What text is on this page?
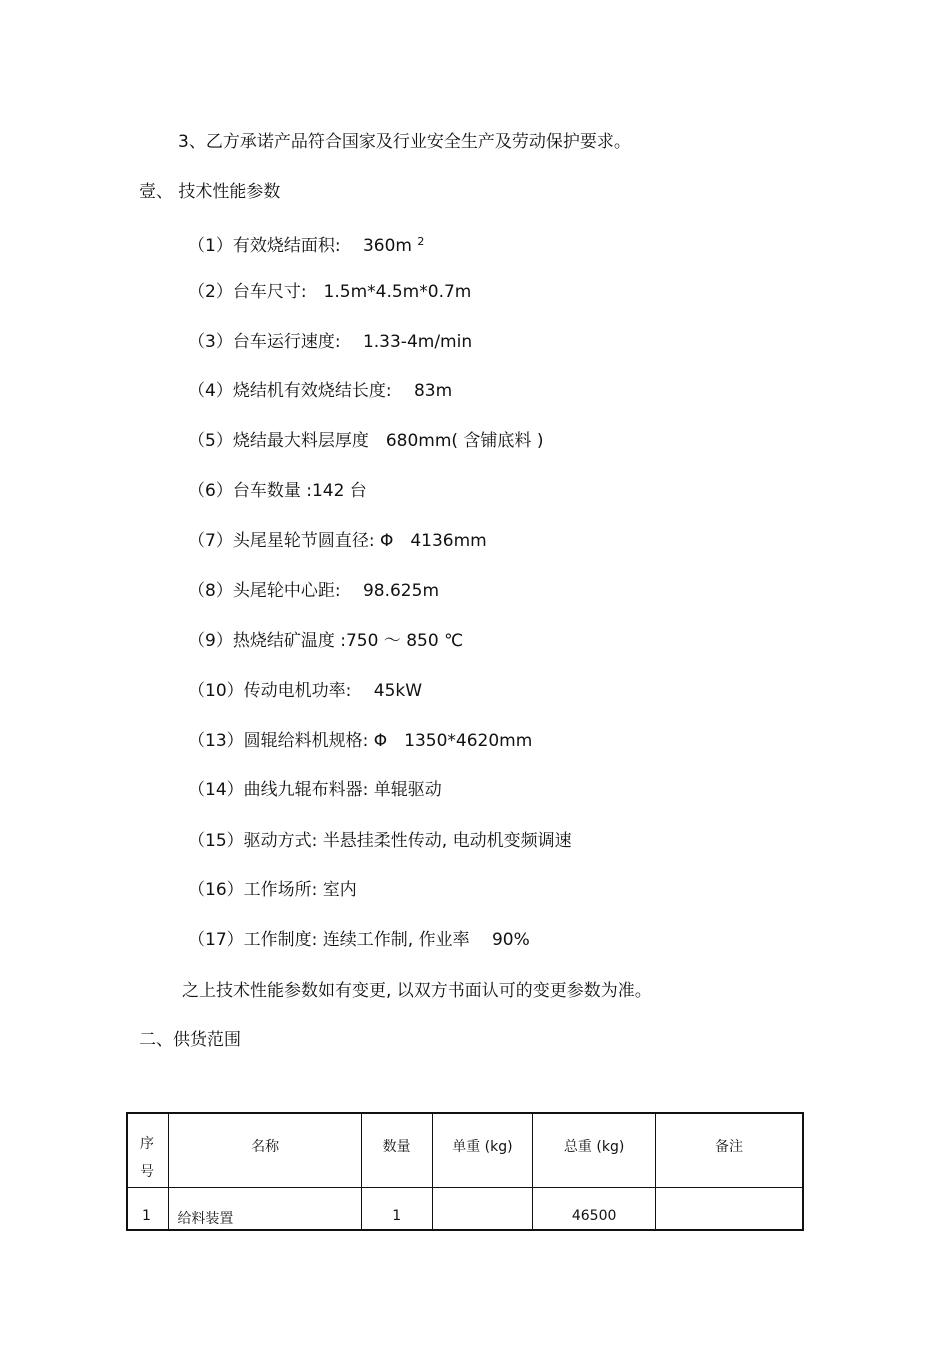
3、乙方承诺产品符合国家及行业安全生产及劳动保护要求。
壹、 技术性能参数
（1）有效烧结面积:　 360m $^2$
（2）台车尺寸:　1.5m*4.5m*0.7m
（3）台车运行速度:　 1.33-4m/min
（4）烧结机有效烧结长度:　 83m
（5）烧结最大料层厚度　680mm( 含铺底料 )
（6）台车数量 :142 台
（7）头尾星轮节圆直径: Φ　4136mm
（8）头尾轮中心距:　 98.625m
（9）热烧结矿温度 :750 ～ 850 ℃
（10）传动电机功率:　 45kW
（13）圆辊给料机规格: Φ　1350*4620mm
（14）曲线九辊布料器: 单辊驱动
（15）驱动方式: 半悬挂柔性传动, 电动机变频调速
（16）工作场所: 室内
（17）工作制度: 连续工作制, 作业率　 90%
之上技术性能参数如有变更, 以双方书面认可的变更参数为准。
二、供货范围
序
号	名称	数量	单重 (kg)	总重 (kg)	备注
1	给料装置	1		46500	
